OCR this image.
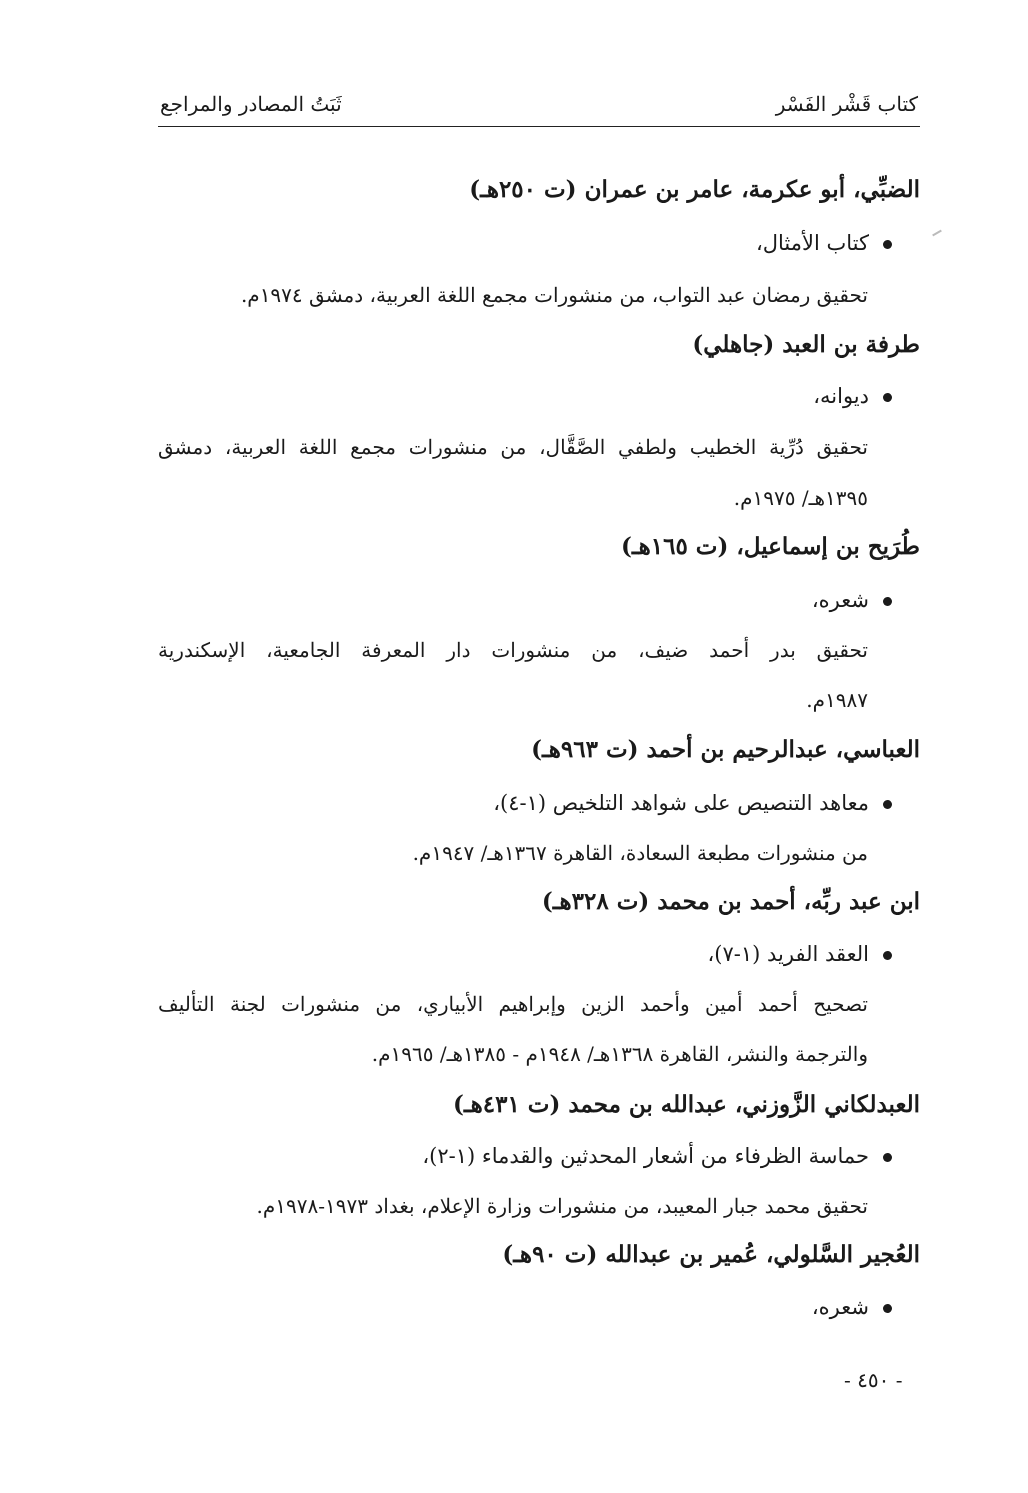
كتاب قَشْر الفَسْر
ثَبَتُ المصادر والمراجع
الضبِّي، أبو عكرمة، عامر بن عمران (ت ٢٥٠هـ)
كتاب الأمثال،
تحقيق رمضان عبد التواب، من منشورات مجمع اللغة العربية، دمشق ١٩٧٤م.
طرفة بن العبد (جاهلي)
ديوانه،
تحقيق دُرِّية الخطيب ولطفي الصَّقَّال، من منشورات مجمع اللغة العربية، دمشق
١٣٩٥هـ/ ١٩٧٥م.
طُرَيح بن إسماعيل، (ت ١٦٥هـ)
شعره،
تحقيق بدر أحمد ضيف، من منشورات دار المعرفة الجامعية، الإسكندرية
١٩٨٧م.
العباسي، عبدالرحيم بن أحمد (ت ٩٦٣هـ)
معاهد التنصيص على شواهد التلخيص (١-٤)،
من منشورات مطبعة السعادة، القاهرة ١٣٦٧هـ/ ١٩٤٧م.
ابن عبد ربِّه، أحمد بن محمد (ت ٣٢٨هـ)
العقد الفريد (١-٧)،
تصحيح أحمد أمين وأحمد الزين وإبراهيم الأبياري، من منشورات لجنة التأليف
والترجمة والنشر، القاهرة ١٣٦٨هـ/ ١٩٤٨م - ١٣٨٥هـ/ ١٩٦٥م.
العبدلكاني الزَّوزني، عبدالله بن محمد (ت ٤٣١هـ)
حماسة الظرفاء من أشعار المحدثين والقدماء (١-٢)،
تحقيق محمد جبار المعيبد، من منشورات وزارة الإعلام، بغداد ١٩٧٣-١٩٧٨م.
العُجير السَّلولي، عُمير بن عبدالله (ت ٩٠هـ)
شعره،
- ٤٥٠ -
